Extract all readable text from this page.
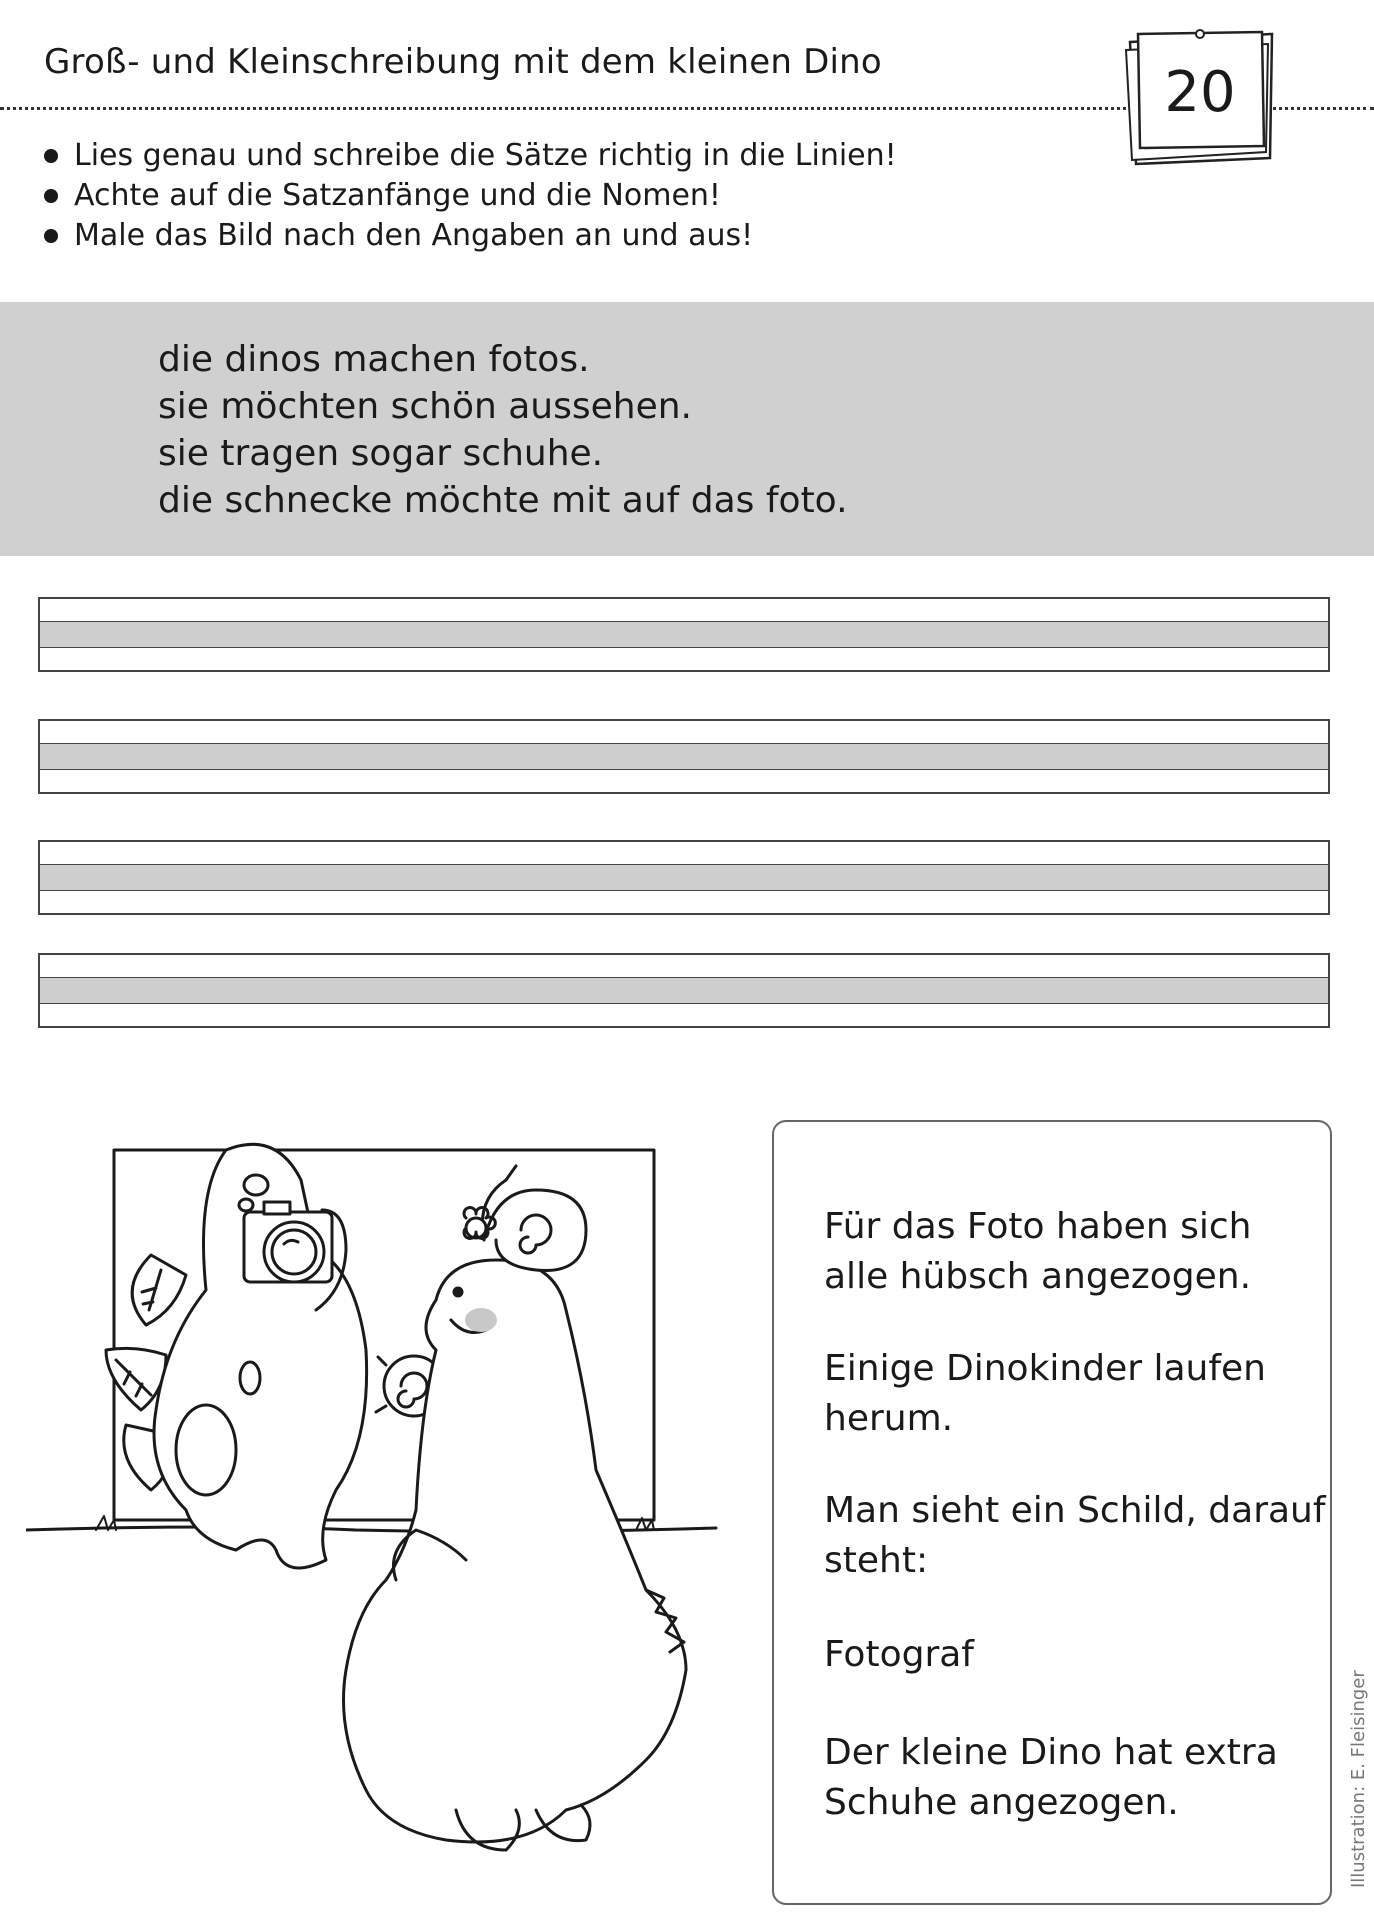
Groß- und Kleinschreibung mit dem kleinen Dino	20
Lies genau und schreibe die Sätze richtig in die Linien!
Achte auf die Satzanfänge und die Nomen!
Male das Bild nach den Angaben an und aus!
die dinos machen fotos.
sie möchten schön aussehen.
sie tragen sogar schuhe.
die schnecke möchte mit auf das foto.
Für das Foto haben sich
alle hübsch angezogen.
Einige Dinokinder laufen
herum.
Man sieht ein Schild, darauf
steht:
Fotograf
Der kleine Dino hat extra
Schuhe angezogen.	Illustration: E. Fleisinger
